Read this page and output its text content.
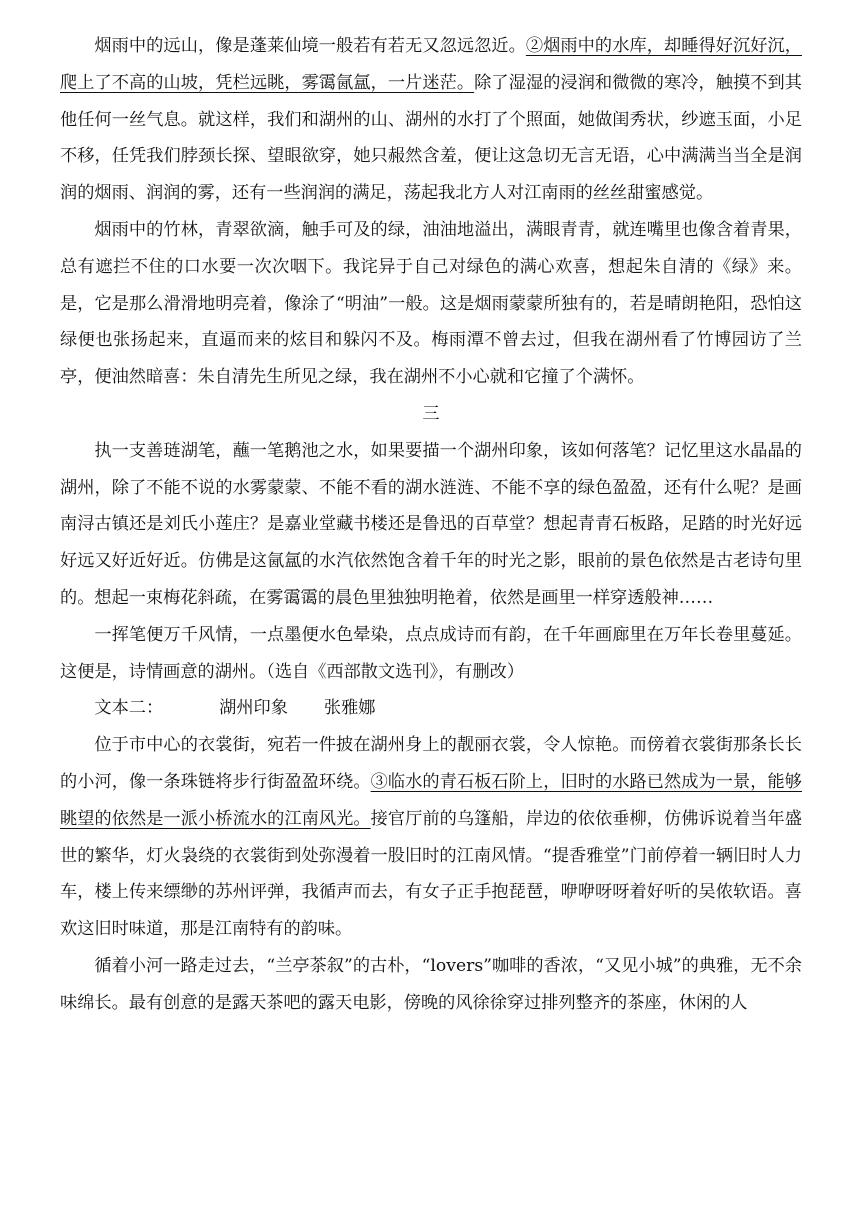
烟雨中的远山，像是蓬莱仙境一般若有若无又忽远忽近。②烟雨中的水库，却睡得好沉好沉，爬上了不高的山坡，凭栏远眺，雾霭氤氲，一片迷茫。除了湿湿的浸润和微微的寒冷，触摸不到其他任何一丝气息。就这样，我们和湖州的山、湖州的水打了个照面，她做闺秀状，纱遮玉面，小足不移，任凭我们脖颈长探、望眼欲穿，她只赧然含羞，便让这急切无言无语，心中满满当当全是润润的烟雨、润润的雾，还有一些润润的满足，荡起我北方人对江南雨的丝丝甜蜜感觉。

烟雨中的竹林，青翠欲滴，触手可及的绿，油油地溢出，满眼青青，就连嘴里也像含着青果，总有遮拦不住的口水要一次次咽下。我诧异于自己对绿色的满心欢喜，想起朱自清的《绿》来。是，它是那么滑滑地明亮着，像涂了“明油”一般。这是烟雨蒙蒙所独有的，若是晴朗艳阳，恐怕这绿便也张扬起来，直逼而来的炫目和躲闪不及。梅雨潭不曾去过，但我在湖州看了竹博园访了兰亭，便油然暗喜：朱自清先生所见之绿，我在湖州不小心就和它撞了个满怀。

三

执一支善琏湖笔，蘸一笔鹅池之水，如果要描一个湖州印象，该如何落笔？记忆里这水晶晶的湖州，除了不能不说的水雾蒙蒙、不能不看的湖水涟涟、不能不享的绿色盈盈，还有什么呢？是画南浔古镇还是刘氏小莲庄？是嘉业堂藏书楼还是鲁迅的百草堂？想起青青石板路，足踏的时光好远好远又好近好近。仿佛是这氤氲的水汽依然饱含着千年的时光之影，眼前的景色依然是古老诗句里的。想起一束梅花斜疏，在雾霭霭的晨色里独独明艳着，依然是画里一样穿透般神……

一挥笔便万千风情，一点墨便水色晕染，点点成诗而有韵，在千年画廊里在万年长卷里蔓延。这便是，诗情画意的湖州。（选自《西部散文选刊》，有删改）

文本二：	湖州印象 张雅娜

位于市中心的衣裳街，宛若一件披在湖州身上的靓丽衣裳，令人惊艳。而傍着衣裳街那条长长的小河，像一条珠链将步行街盈盈环绕。③临水的青石板石阶上，旧时的水路已然成为一景，能够眺望的依然是一派小桥流水的江南风光。接官厅前的乌篷船，岸边的依依垂柳，仿佛诉说着当年盛世的繁华，灯火袅绕的衣裳街到处弥漫着一股旧时的江南风情。“提香雅堂”门前停着一辆旧时人力车，楼上传来缥缈的苏州评弹，我循声而去，有女子正手抱琵琶，咿咿呀呀着好听的吴侬软语。喜欢这旧时味道，那是江南特有的韵味。

循着小河一路走过去，“兰亭茶叙”的古朴，“lovers”咖啡的香浓，“又见小城”的典雅，无不余味绵长。最有创意的是露天茶吧的露天电影，傍晚的风徐徐穿过排列整齐的茶座，休闲的人
